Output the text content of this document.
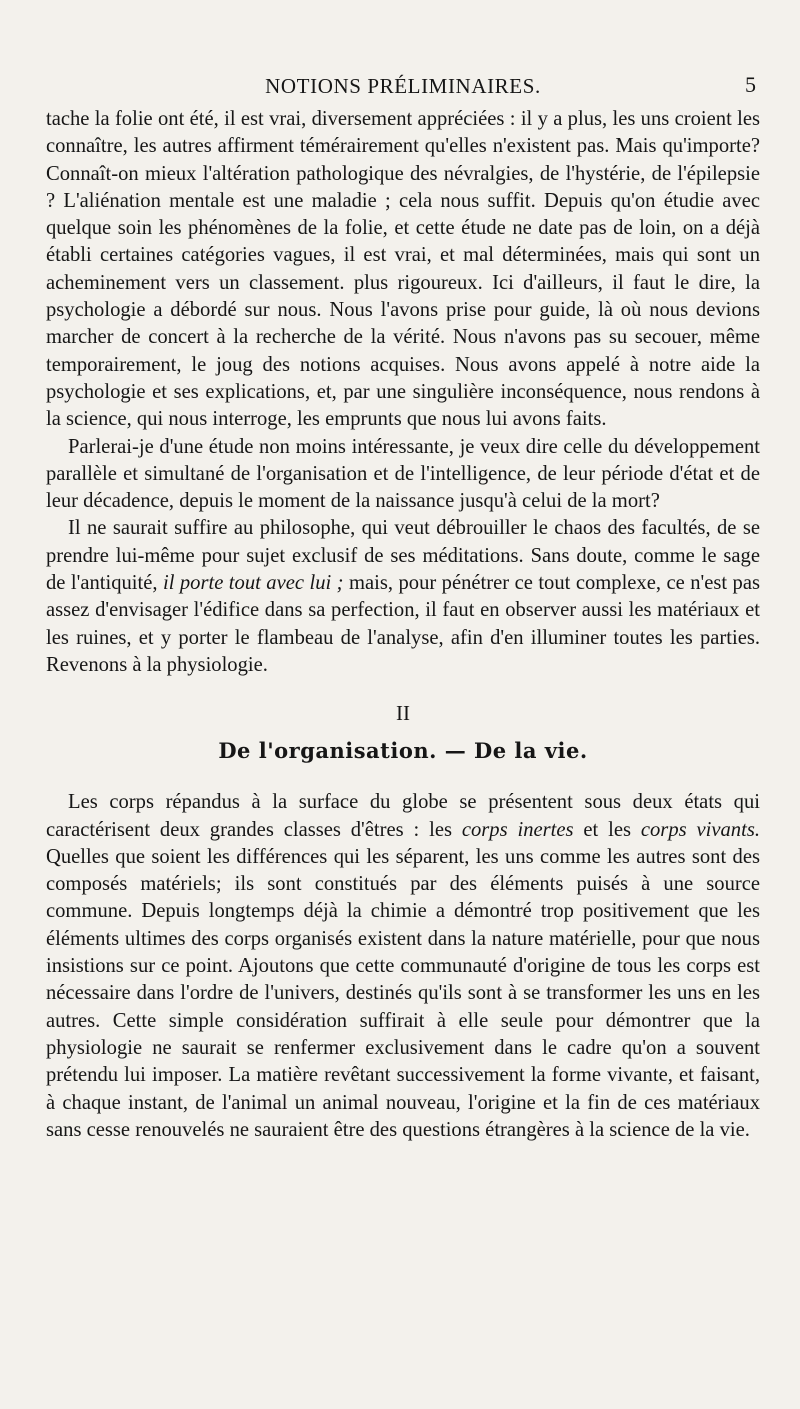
NOTIONS PRÉLIMINAIRES.	5

tache la folie ont été, il est vrai, diversement appréciées : il y a plus, les uns croient les connaître, les autres affirment témérairement qu'elles n'existent pas. Mais qu'importe? Connaît-on mieux l'altération pathologique des névralgies, de l'hystérie, de l'épilepsie ? L'aliénation mentale est une maladie ; cela nous suffit. Depuis qu'on étudie avec quelque soin les phénomènes de la folie, et cette étude ne date pas de loin, on a déjà établi certaines catégories vagues, il est vrai, et mal déterminées, mais qui sont un acheminement vers un classement. plus rigoureux. Ici d'ailleurs, il faut le dire, la psychologie a débordé sur nous. Nous l'avons prise pour guide, là où nous devions marcher de concert à la recherche de la vérité. Nous n'avons pas su secouer, même temporairement, le joug des notions acquises. Nous avons appelé à notre aide la psychologie et ses explications, et, par une singulière inconséquence, nous rendons à la science, qui nous interroge, les emprunts que nous lui avons faits.

Parlerai-je d'une étude non moins intéressante, je veux dire celle du développement parallèle et simultané de l'organisation et de l'intelligence, de leur période d'état et de leur décadence, depuis le moment de la naissance jusqu'à celui de la mort?

Il ne saurait suffire au philosophe, qui veut débrouiller le chaos des facultés, de se prendre lui-même pour sujet exclusif de ses méditations. Sans doute, comme le sage de l'antiquité, il porte tout avec lui ; mais, pour pénétrer ce tout complexe, ce n'est pas assez d'envisager l'édifice dans sa perfection, il faut en observer aussi les matériaux et les ruines, et y porter le flambeau de l'analyse, afin d'en illuminer toutes les parties. Revenons à la physiologie.

II
De l'organisation. — De la vie.

Les corps répandus à la surface du globe se présentent sous deux états qui caractérisent deux grandes classes d'êtres : les corps inertes et les corps vivants. Quelles que soient les différences qui les séparent, les uns comme les autres sont des composés matériels; ils sont constitués par des éléments puisés à une source commune. Depuis longtemps déjà la chimie a démontré trop positivement que les éléments ultimes des corps organisés existent dans la nature matérielle, pour que nous insistions sur ce point. Ajoutons que cette communauté d'origine de tous les corps est nécessaire dans l'ordre de l'univers, destinés qu'ils sont à se transformer les uns en les autres. Cette simple considération suffirait à elle seule pour démontrer que la physiologie ne saurait se renfermer exclusivement dans le cadre qu'on a souvent prétendu lui imposer. La matière revêtant successivement la forme vivante, et faisant, à chaque instant, de l'animal un animal nouveau, l'origine et la fin de ces matériaux sans cesse renouvelés ne sauraient être des questions étrangères à la science de la vie.
